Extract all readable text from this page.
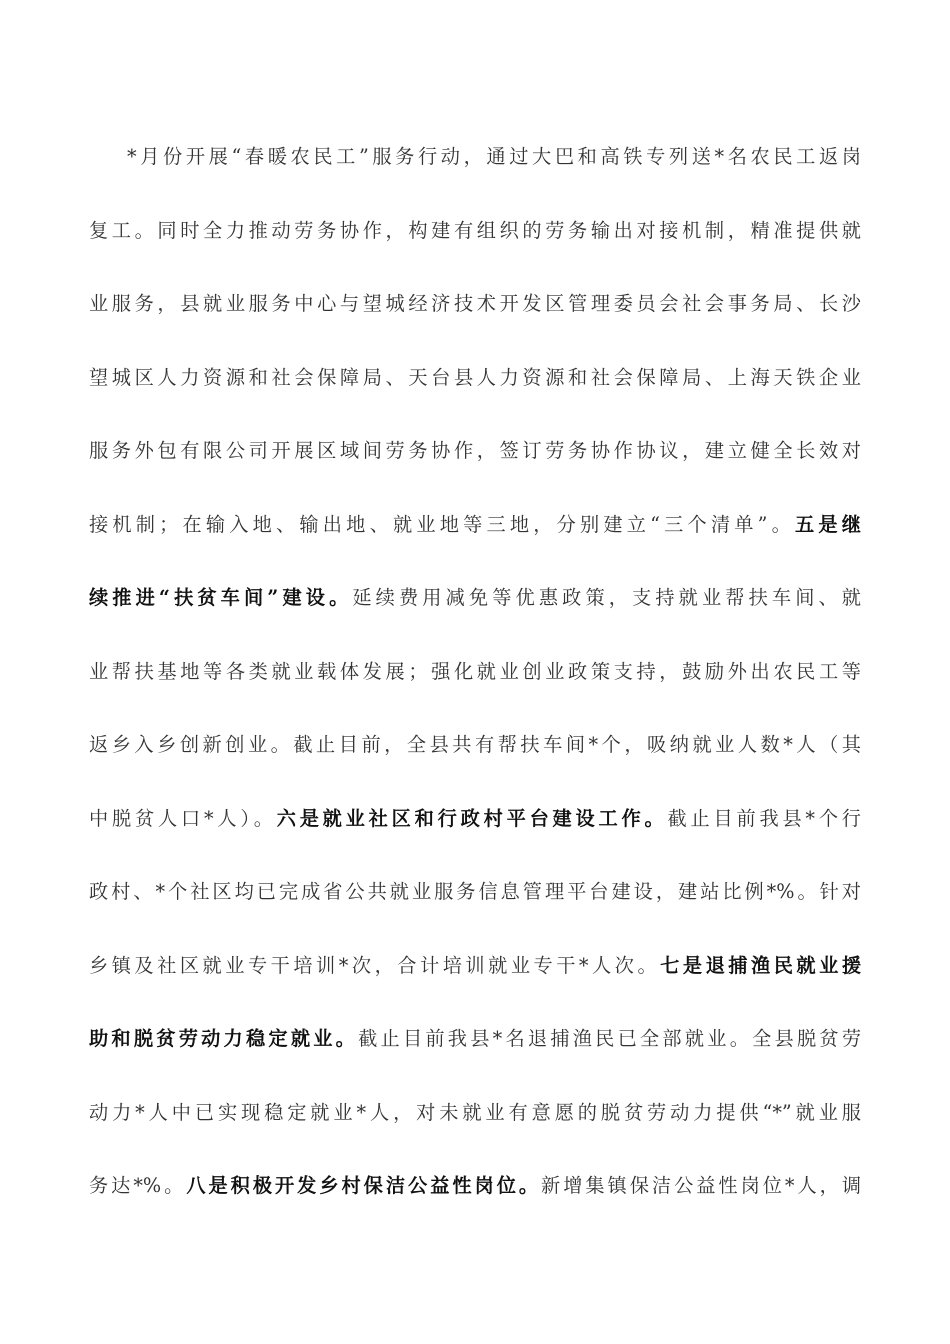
*月份开展“春暖农民工”服务行动，通过大巴和高铁专列送*名农民工返岗
复工。同时全力推动劳务协作，构建有组织的劳务输出对接机制，精准提供就
业服务，县就业服务中心与望城经济技术开发区管理委员会社会事务局、长沙
望城区人力资源和社会保障局、天台县人力资源和社会保障局、上海天铁企业
服务外包有限公司开展区域间劳务协作，签订劳务协作协议，建立健全长效对
接机制；在输入地、输出地、就业地等三地，分别建立“三个清单”。五是继
续推进“扶贫车间”建设。延续费用减免等优惠政策，支持就业帮扶车间、就
业帮扶基地等各类就业载体发展；强化就业创业政策支持，鼓励外出农民工等
返乡入乡创新创业。截止目前，全县共有帮扶车间*个，吸纳就业人数*人（其
中脱贫人口*人）。六是就业社区和行政村平台建设工作。截止目前我县*个行
政村、*个社区均已完成省公共就业服务信息管理平台建设，建站比例*%。针对
乡镇及社区就业专干培训*次，合计培训就业专干*人次。七是退捕渔民就业援
助和脱贫劳动力稳定就业。截止目前我县*名退捕渔民已全部就业。全县脱贫劳
动力*人中已实现稳定就业*人，对未就业有意愿的脱贫劳动力提供“*”就业服
务达*%。八是积极开发乡村保洁公益性岗位。新增集镇保洁公益性岗位*人，调
